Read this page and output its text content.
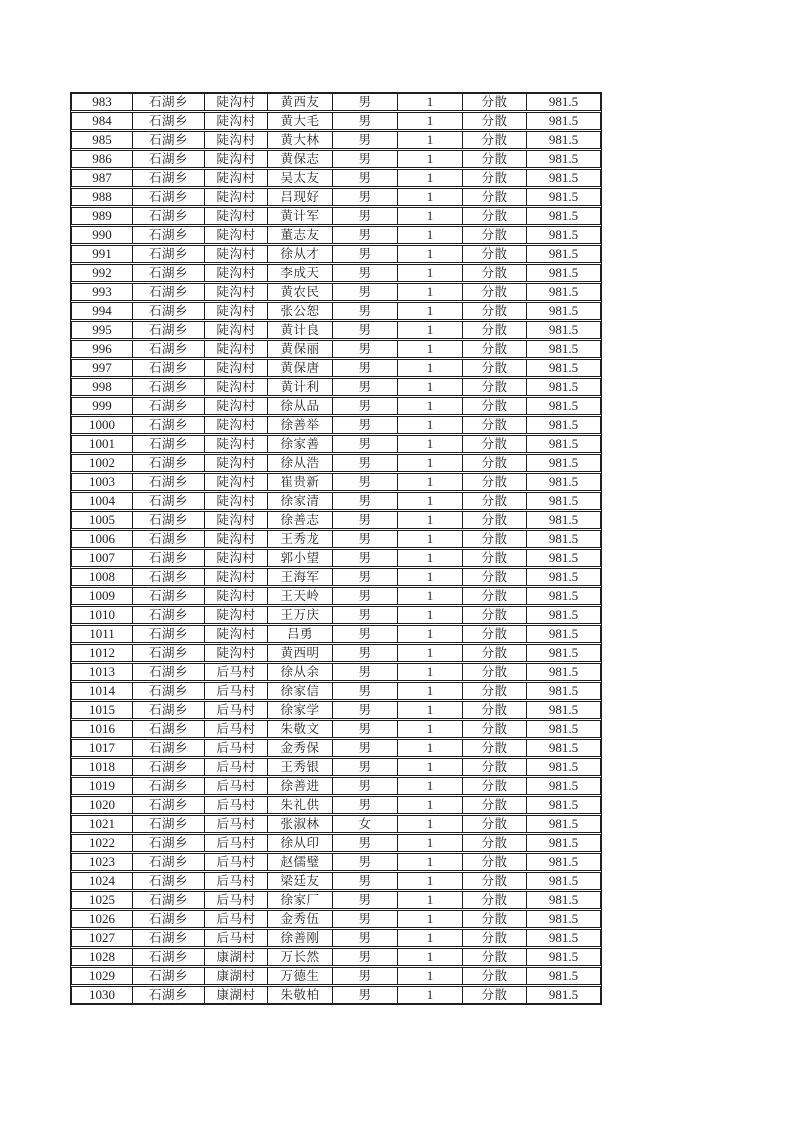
983	石湖乡	陡沟村	黄西友	男	1	分散	981.5
984	石湖乡	陡沟村	黄大毛	男	1	分散	981.5
985	石湖乡	陡沟村	黄大林	男	1	分散	981.5
986	石湖乡	陡沟村	黄保志	男	1	分散	981.5
987	石湖乡	陡沟村	吴太友	男	1	分散	981.5
988	石湖乡	陡沟村	吕现好	男	1	分散	981.5
989	石湖乡	陡沟村	黄计军	男	1	分散	981.5
990	石湖乡	陡沟村	董志友	男	1	分散	981.5
991	石湖乡	陡沟村	徐从才	男	1	分散	981.5
992	石湖乡	陡沟村	李成天	男	1	分散	981.5
993	石湖乡	陡沟村	黄农民	男	1	分散	981.5
994	石湖乡	陡沟村	张公恕	男	1	分散	981.5
995	石湖乡	陡沟村	黄计良	男	1	分散	981.5
996	石湖乡	陡沟村	黄保丽	男	1	分散	981.5
997	石湖乡	陡沟村	黄保唐	男	1	分散	981.5
998	石湖乡	陡沟村	黄计利	男	1	分散	981.5
999	石湖乡	陡沟村	徐从品	男	1	分散	981.5
1000	石湖乡	陡沟村	徐善举	男	1	分散	981.5
1001	石湖乡	陡沟村	徐家善	男	1	分散	981.5
1002	石湖乡	陡沟村	徐从浩	男	1	分散	981.5
1003	石湖乡	陡沟村	崔贵新	男	1	分散	981.5
1004	石湖乡	陡沟村	徐家清	男	1	分散	981.5
1005	石湖乡	陡沟村	徐善志	男	1	分散	981.5
1006	石湖乡	陡沟村	王秀龙	男	1	分散	981.5
1007	石湖乡	陡沟村	郭小望	男	1	分散	981.5
1008	石湖乡	陡沟村	王海军	男	1	分散	981.5
1009	石湖乡	陡沟村	王天岭	男	1	分散	981.5
1010	石湖乡	陡沟村	王万庆	男	1	分散	981.5
1011	石湖乡	陡沟村	吕勇	男	1	分散	981.5
1012	石湖乡	陡沟村	黄西明	男	1	分散	981.5
1013	石湖乡	后马村	徐从余	男	1	分散	981.5
1014	石湖乡	后马村	徐家信	男	1	分散	981.5
1015	石湖乡	后马村	徐家学	男	1	分散	981.5
1016	石湖乡	后马村	朱敬文	男	1	分散	981.5
1017	石湖乡	后马村	金秀保	男	1	分散	981.5
1018	石湖乡	后马村	王秀银	男	1	分散	981.5
1019	石湖乡	后马村	徐善进	男	1	分散	981.5
1020	石湖乡	后马村	朱礼供	男	1	分散	981.5
1021	石湖乡	后马村	张淑林	女	1	分散	981.5
1022	石湖乡	后马村	徐从印	男	1	分散	981.5
1023	石湖乡	后马村	赵儒璧	男	1	分散	981.5
1024	石湖乡	后马村	梁廷友	男	1	分散	981.5
1025	石湖乡	后马村	徐家厂	男	1	分散	981.5
1026	石湖乡	后马村	金秀伍	男	1	分散	981.5
1027	石湖乡	后马村	徐善刚	男	1	分散	981.5
1028	石湖乡	康湖村	万长然	男	1	分散	981.5
1029	石湖乡	康湖村	万德生	男	1	分散	981.5
1030	石湖乡	康湖村	朱敬柏	男	1	分散	981.5
